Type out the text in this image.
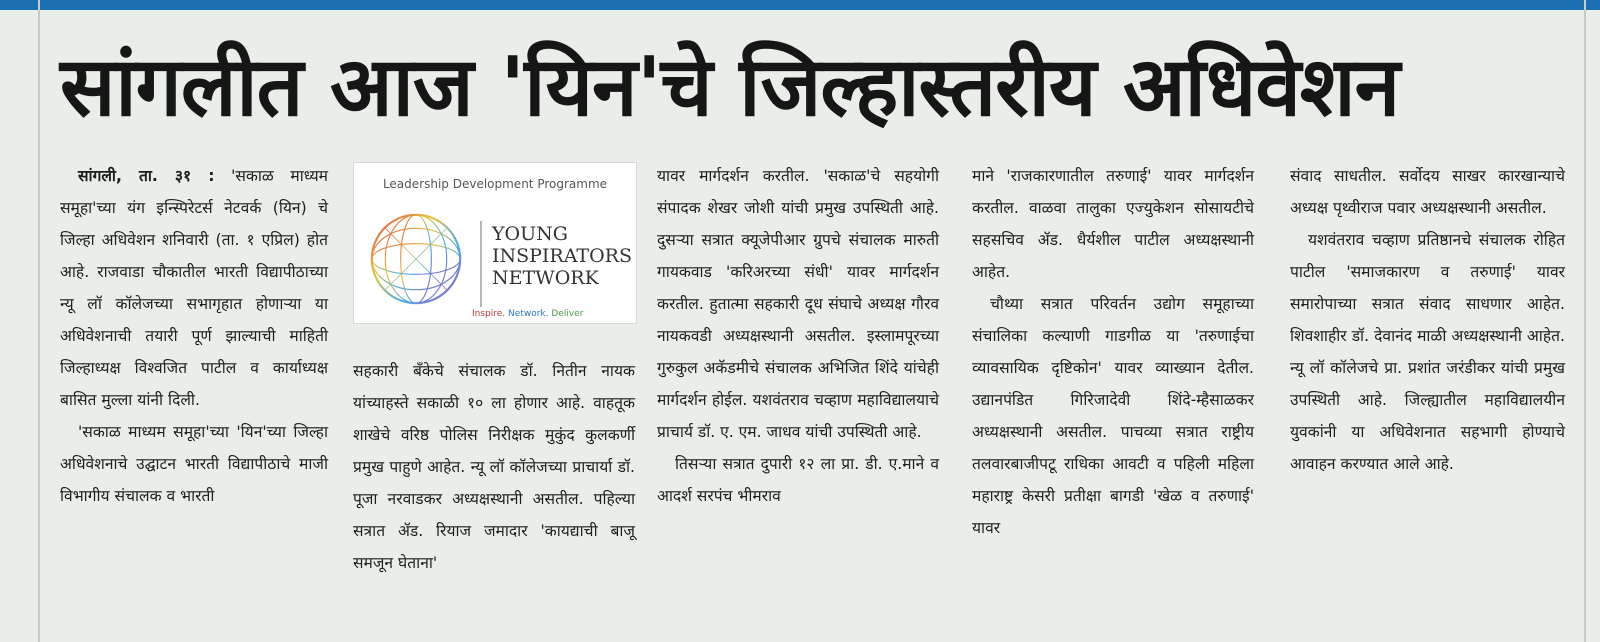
सांगलीत आज 'यिन'चे जिल्हास्तरीय अधिवेशन

सांगली, ता. ३१ : 'सकाळ माध्यम समूहा'च्या यंग इन्स्पिरेटर्स नेटवर्क (यिन) चे जिल्हा अधिवेशन शनिवारी (ता. १ एप्रिल) होत आहे. राजवाडा चौकातील भारती विद्यापीठाच्या न्यू लॉ कॉलेजच्या सभागृहात होणाऱ्या या अधिवेशनाची तयारी पूर्ण झाल्याची माहिती जिल्हाध्यक्ष विश्वजित पाटील व कार्याध्यक्ष बासित मुल्ला यांनी दिली.

'सकाळ माध्यम समूहा'च्या 'यिन'च्या जिल्हा अधिवेशनाचे उद्घाटन भारती विद्यापीठाचे माजी विभागीय संचालक व भारती

Leadership Development Programme
YOUNG
INSPIRATORS
NETWORK
Inspire. Network. Deliver

सहकारी बँकेचे संचालक डॉ. नितीन नायक यांच्याहस्ते सकाळी १० ला होणार आहे. वाहतूक शाखेचे वरिष्ठ पोलिस निरीक्षक मुकुंद कुलकर्णी प्रमुख पाहुणे आहेत. न्यू लॉ कॉलेजच्या प्राचार्या डॉ. पूजा नरवाडकर अध्यक्षस्थानी असतील. पहिल्या सत्रात ॲड. रियाज जमादार 'कायद्याची बाजू समजून घेताना'

यावर मार्गदर्शन करतील. 'सकाळ'चे सहयोगी संपादक शेखर जोशी यांची प्रमुख उपस्थिती आहे. दुसऱ्या सत्रात क्यूजेपीआर ग्रुपचे संचालक मारुती गायकवाड 'करिअरच्या संधी' यावर मार्गदर्शन करतील. हुतात्मा सहकारी दूध संघाचे अध्यक्ष गौरव नायकवडी अध्यक्षस्थानी असतील. इस्लामपूरच्या गुरुकुल अकॅडमीचे संचालक अभिजित शिंदे यांचेही मार्गदर्शन होईल. यशवंतराव चव्हाण महाविद्यालयाचे प्राचार्य डॉ. ए. एम. जाधव यांची उपस्थिती आहे.

तिसऱ्या सत्रात दुपारी १२ ला प्रा. डी. ए.माने व आदर्श सरपंच भीमराव

माने 'राजकारणातील तरुणाई' यावर मार्गदर्शन करतील. वाळवा तालुका एज्युकेशन सोसायटीचे सहसचिव ॲड. धैर्यशील पाटील अध्यक्षस्थानी आहेत.

चौथ्या सत्रात परिवर्तन उद्योग समूहाच्या संचालिका कल्याणी गाडगीळ या 'तरुणाईचा व्यावसायिक दृष्टिकोन' यावर व्याख्यान देतील. उद्यानपंडित गिरिजादेवी शिंदे-म्हैसाळकर अध्यक्षस्थानी असतील. पाचव्या सत्रात राष्ट्रीय तलवारबाजीपटू राधिका आवटी व पहिली महिला महाराष्ट्र केसरी प्रतीक्षा बागडी 'खेळ व तरुणाई' यावर

संवाद साधतील. सर्वोदय साखर कारखान्याचे अध्यक्ष पृथ्वीराज पवार अध्यक्षस्थानी असतील.

यशवंतराव चव्हाण प्रतिष्ठानचे संचालक रोहित पाटील 'समाजकारण व तरुणाई' यावर समारोपाच्या सत्रात संवाद साधणार आहेत. शिवशाहीर डॉ. देवानंद माळी अध्यक्षस्थानी आहेत. न्यू लॉ कॉलेजचे प्रा. प्रशांत जरंडीकर यांची प्रमुख उपस्थिती आहे. जिल्ह्यातील महाविद्यालयीन युवकांनी या अधिवेशनात सहभागी होण्याचे आवाहन करण्यात आले आहे.
